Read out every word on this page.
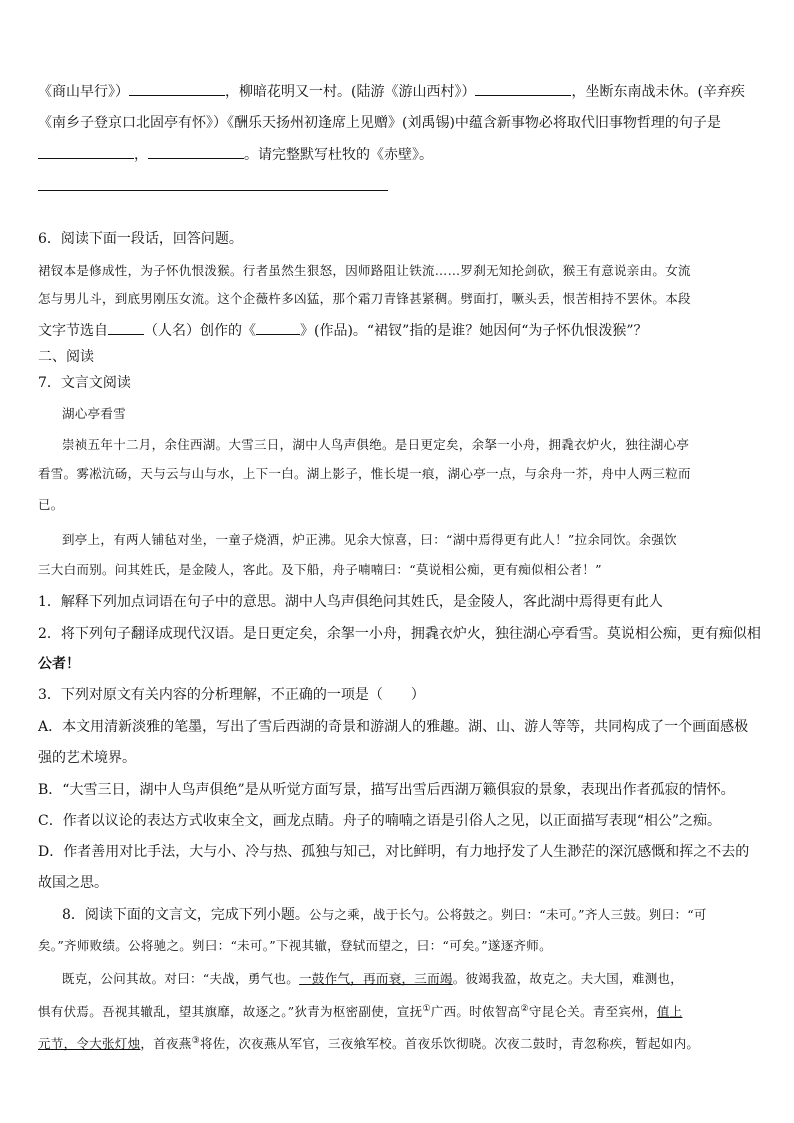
《商山早行》）	，柳暗花明又一村。(陆游《游山西村》）	，坐断东南战未休。(辛弃疾
《南乡子登京口北固亭有怀》）《酬乐天扬州初逢席上见赠》(刘禹锡)中蕴含新事物必将取代旧事物哲理的句子是
，	。请完整默写杜牧的《赤壁》。
6．阅读下面一段话，回答问题。
裙钗本是修成性，为子怀仇恨泼猴。行者虽然生狠怒，因师路阻让铁流……罗刹无知抡剑砍，猴王有意说亲由。女流
怎与男儿斗，到底男刚压女流。这个企薇杵多凶猛，那个霜刀青锋甚紧稠。劈面打，噘头丢，恨苦相持不罢休。本段
文字节选自	（人名）创作的《	》(作品)。“裙钗”指的是谁？她因何“为子怀仇恨泼猴”？
二、阅读
7．文言文阅读
湖心亭看雪
崇祯五年十二月，余住西湖。大雪三日，湖中人鸟声俱绝。是日更定矣，余拏一小舟，拥毳衣炉火，独往湖心亭
看雪。雾凇沆砀，天与云与山与水，上下一白。湖上影子，惟长堤一痕，湖心亭一点，与余舟一芥，舟中人两三粒而
已。
到亭上，有两人铺毡对坐，一童子烧酒，炉正沸。见余大惊喜，曰：“湖中焉得更有此人！”拉余同饮。余强饮
三大白而别。问其姓氏，是金陵人，客此。及下船，舟子喃喃曰：“莫说相公痴，更有痴似相公者！”
1．解释下列加点词语在句子中的意思。湖中人鸟声俱绝问其姓氏，是金陵人，客此湖中焉得更有此人
2．将下列句子翻译成现代汉语。是日更定矣，余挐一小舟，拥毳衣炉火，独往湖心亭看雪。莫说相公痴，更有痴似相
公者！
3．下列对原文有关内容的分析理解，不正确的一项是（　　）
A．本文用清新淡雅的笔墨，写出了雪后西湖的奇景和游湖人的雅趣。湖、山、游人等等，共同构成了一个画面感极
强的艺术境界。
B．“大雪三日，湖中人鸟声俱绝”是从听觉方面写景，描写出雪后西湖万籁俱寂的景象，表现出作者孤寂的情怀。
C．作者以议论的表达方式收束全文，画龙点睛。舟子的喃喃之语是引俗人之见，以正面描写表现“相公”之痴。
D．作者善用对比手法，大与小、冷与热、孤独与知己，对比鲜明，有力地抒发了人生渺茫的深沉感慨和挥之不去的
故国之思。
8．阅读下面的文言文，完成下列小题。公与之乘，战于长勺。公将鼓之。刿曰：“未可。”齐人三鼓。刿曰：“可
矣。”齐师败绩。公将驰之。刿曰：“未可。”下视其辙，登轼而望之，曰：“可矣。”遂逐齐师。
既克，公问其故。对曰：“夫战，勇气也。一鼓作气，再而衰，三而竭。彼竭我盈，故克之。夫大国，难测也，
惧有伏焉。吾视其辙乱，望其旗靡，故逐之。”狄青为枢密副使，宣抚①广西。时侬智高②守昆仑关。青至宾州，值上
元节，令大张灯烛，首夜燕③将佐，次夜燕从军官，三夜飨军校。首夜乐饮彻晓。次夜二鼓时，青忽称疾，暂起如内。
